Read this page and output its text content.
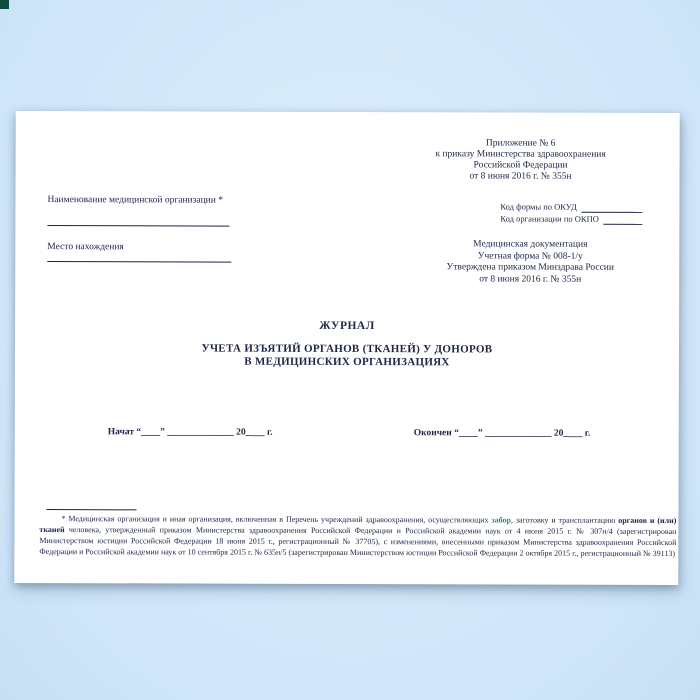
Приложение № 6
к приказу Министерства здравоохранения
Российской Федерации
от 8 июня 2016 г. № 355н
Наименование медицинской организации *
Место нахождения
Код формы по ОКУД
Код организации по ОКПО
Медицинская документация
Учетная форма № 008-1/у
Утверждена приказом Минздрава России
от 8 июня 2016 г. № 355н
ЖУРНАЛ
УЧЕТА ИЗЪЯТИЙ ОРГАНОВ (ТКАНЕЙ) У ДОНОРОВ
В МЕДИЦИНСКИХ ОРГАНИЗАЦИЯХ
Начат “____” ______________ 20____ г.	Окончен “____” ______________ 20____ г.

* Медицинская организация и иная организация, включенная в Перечень учреждений здравоохранения, осуществляющих забор, заготовку и трансплантацию органов и (или) тканей человека, утвержденный приказом Министерства здравоохранения Российской Федерации и Российской академии наук от 4 июня 2015 г. № 307н/4 (зарегистрирован Министерством юстиции Российской Федерации 18 июня 2015 г., регистрационный № 37705), с изменениями, внесенными приказом Министерства здравоохранения Российской Федерации и Российской академии наук от 10 сентября 2015 г. № 635н/5 (зарегистрирован Министерством юстиции Российской Федерации 2 октября 2015 г., регистрационный № 39113)
